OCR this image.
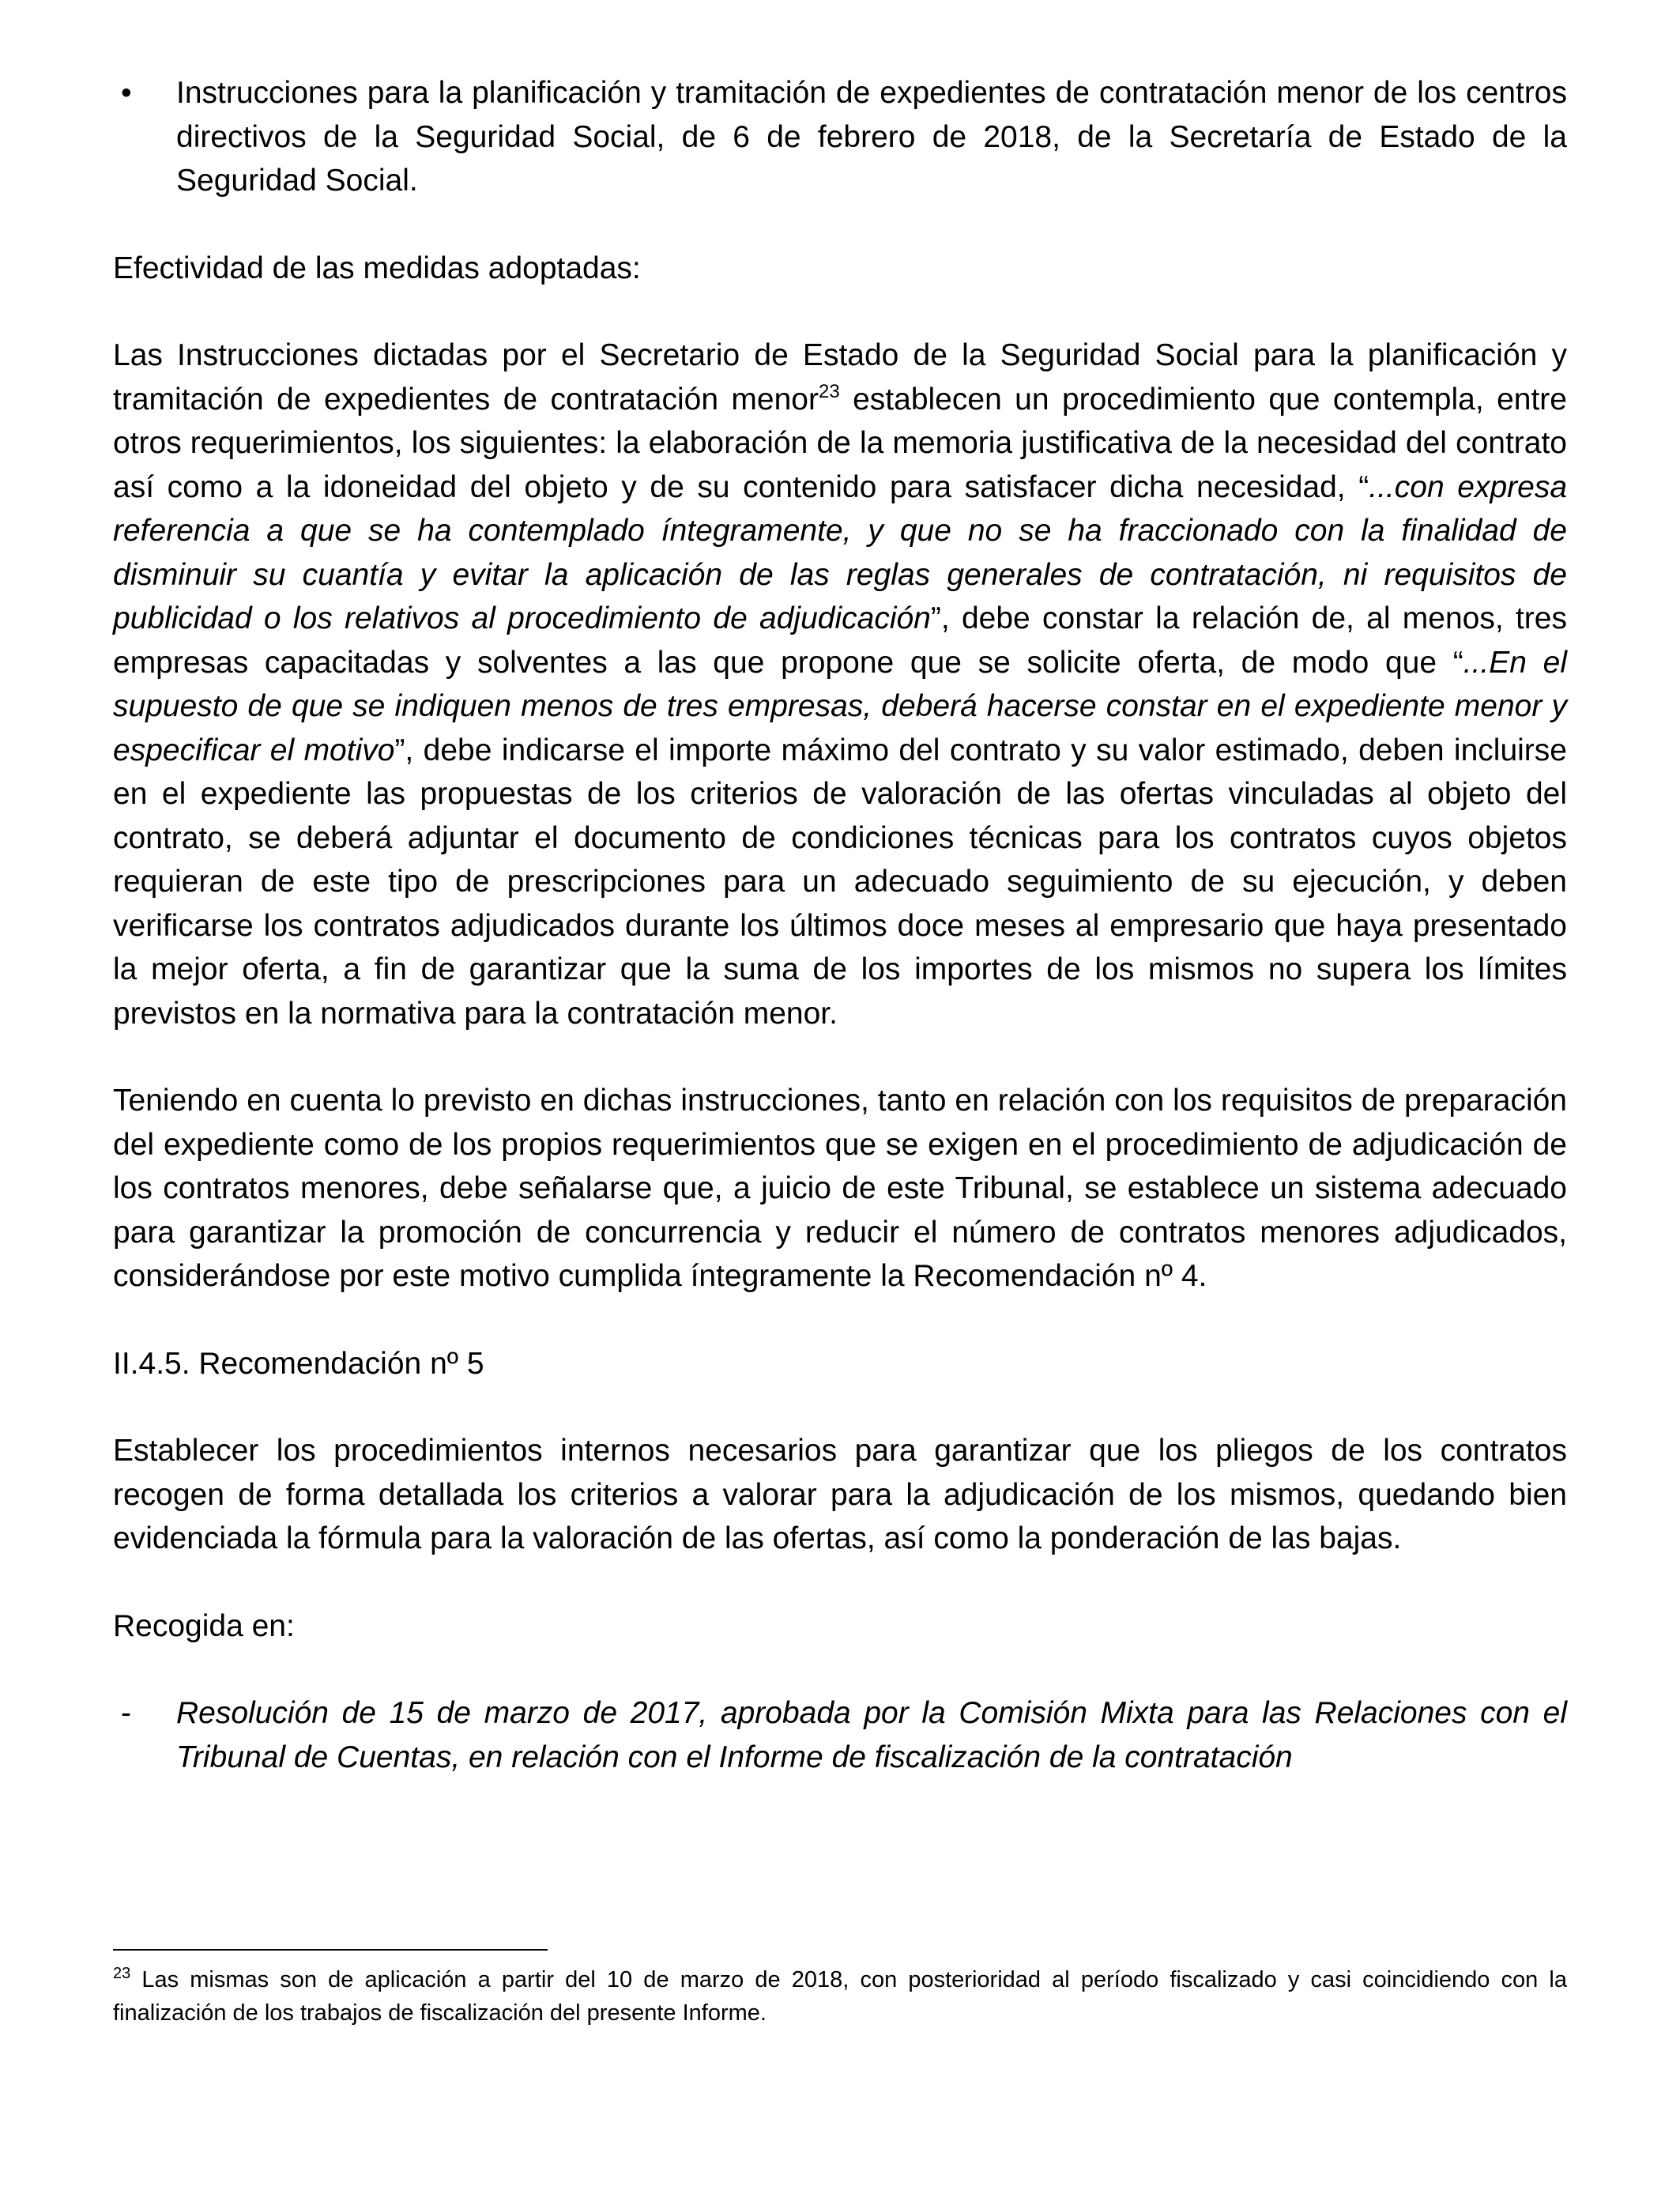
• Instrucciones para la planificación y tramitación de expedientes de contratación menor de los centros directivos de la Seguridad Social, de 6 de febrero de 2018, de la Secretaría de Estado de la Seguridad Social.

Efectividad de las medidas adoptadas:

Las Instrucciones dictadas por el Secretario de Estado de la Seguridad Social para la planificación y tramitación de expedientes de contratación menor$^{23}$ establecen un procedimiento que contempla, entre otros requerimientos, los siguientes: la elaboración de la memoria justificativa de la necesidad del contrato así como a la idoneidad del objeto y de su contenido para satisfacer dicha necesidad, “...con expresa referencia a que se ha contemplado íntegramente, y que no se ha fraccionado con la finalidad de disminuir su cuantía y evitar la aplicación de las reglas generales de contratación, ni requisitos de publicidad o los relativos al procedimiento de adjudicación”, debe constar la relación de, al menos, tres empresas capacitadas y solventes a las que propone que se solicite oferta, de modo que “...En el supuesto de que se indiquen menos de tres empresas, deberá hacerse constar en el expediente menor y especificar el motivo”, debe indicarse el importe máximo del contrato y su valor estimado, deben incluirse en el expediente las propuestas de los criterios de valoración de las ofertas vinculadas al objeto del contrato, se deberá adjuntar el documento de condiciones técnicas para los contratos cuyos objetos requieran de este tipo de prescripciones para un adecuado seguimiento de su ejecución, y deben verificarse los contratos adjudicados durante los últimos doce meses al empresario que haya presentado la mejor oferta, a fin de garantizar que la suma de los importes de los mismos no supera los límites previstos en la normativa para la contratación menor.

Teniendo en cuenta lo previsto en dichas instrucciones, tanto en relación con los requisitos de preparación del expediente como de los propios requerimientos que se exigen en el procedimiento de adjudicación de los contratos menores, debe señalarse que, a juicio de este Tribunal, se establece un sistema adecuado para garantizar la promoción de concurrencia y reducir el número de contratos menores adjudicados, considerándose por este motivo cumplida íntegramente la Recomendación nº 4.

II.4.5. Recomendación nº 5

Establecer los procedimientos internos necesarios para garantizar que los pliegos de los contratos recogen de forma detallada los criterios a valorar para la adjudicación de los mismos, quedando bien evidenciada la fórmula para la valoración de las ofertas, así como la ponderación de las bajas.

Recogida en:

- Resolución de 15 de marzo de 2017, aprobada por la Comisión Mixta para las Relaciones con el Tribunal de Cuentas, en relación con el Informe de fiscalización de la contratación

$^{23}$ Las mismas son de aplicación a partir del 10 de marzo de 2018, con posterioridad al período fiscalizado y casi coincidiendo con la finalización de los trabajos de fiscalización del presente Informe.
